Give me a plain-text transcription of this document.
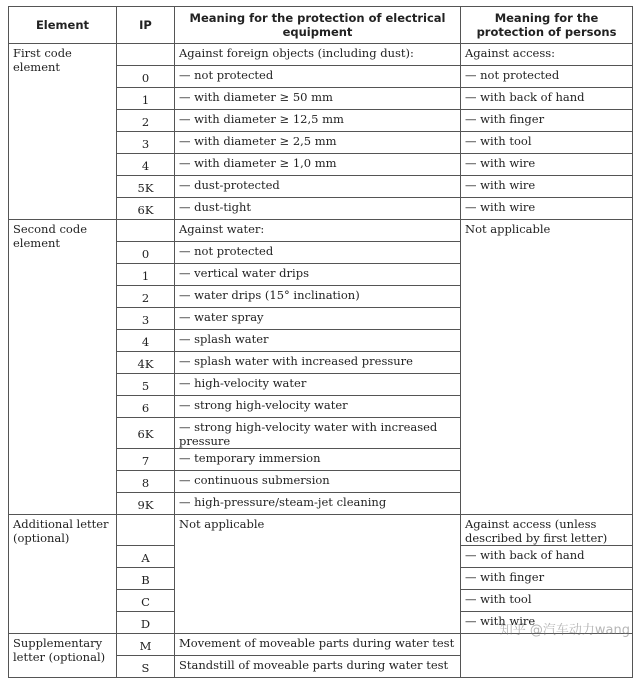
Element	IP	Meaning for the protection of electrical equipment	Meaning for the protection of persons
First code element		Against foreign objects (including dust):	Against access:
	0	— not protected	— not protected
	1	— with diameter ≥ 50 mm	— with back of hand
	2	— with diameter ≥ 12,5 mm	— with finger
	3	— with diameter ≥ 2,5 mm	— with tool
	4	— with diameter ≥ 1,0 mm	— with wire
	5K	— dust-protected	— with wire
	6K	— dust-tight	— with wire
Second code element		Against water:	Not applicable
	0	— not protected	
	1	— vertical water drips	
	2	— water drips (15° inclination)	
	3	— water spray	
	4	— splash water	
	4K	— splash water with increased pressure	
	5	— high-velocity water	
	6	— strong high-velocity water	
	6K	— strong high-velocity water with increased pressure	
	7	— temporary immersion	
	8	— continuous submersion	
	9K	— high-pressure/steam-jet cleaning	
Additional letter (optional)		Not applicable	Against access (unless described by first letter)
	A		— with back of hand
	B		— with finger
	C		— with tool
	D		— with wire
Supplementary letter (optional)	M	Movement of moveable parts during water test	
	S	Standstill of moveable parts during water test	
知乎 @汽车动力wang
